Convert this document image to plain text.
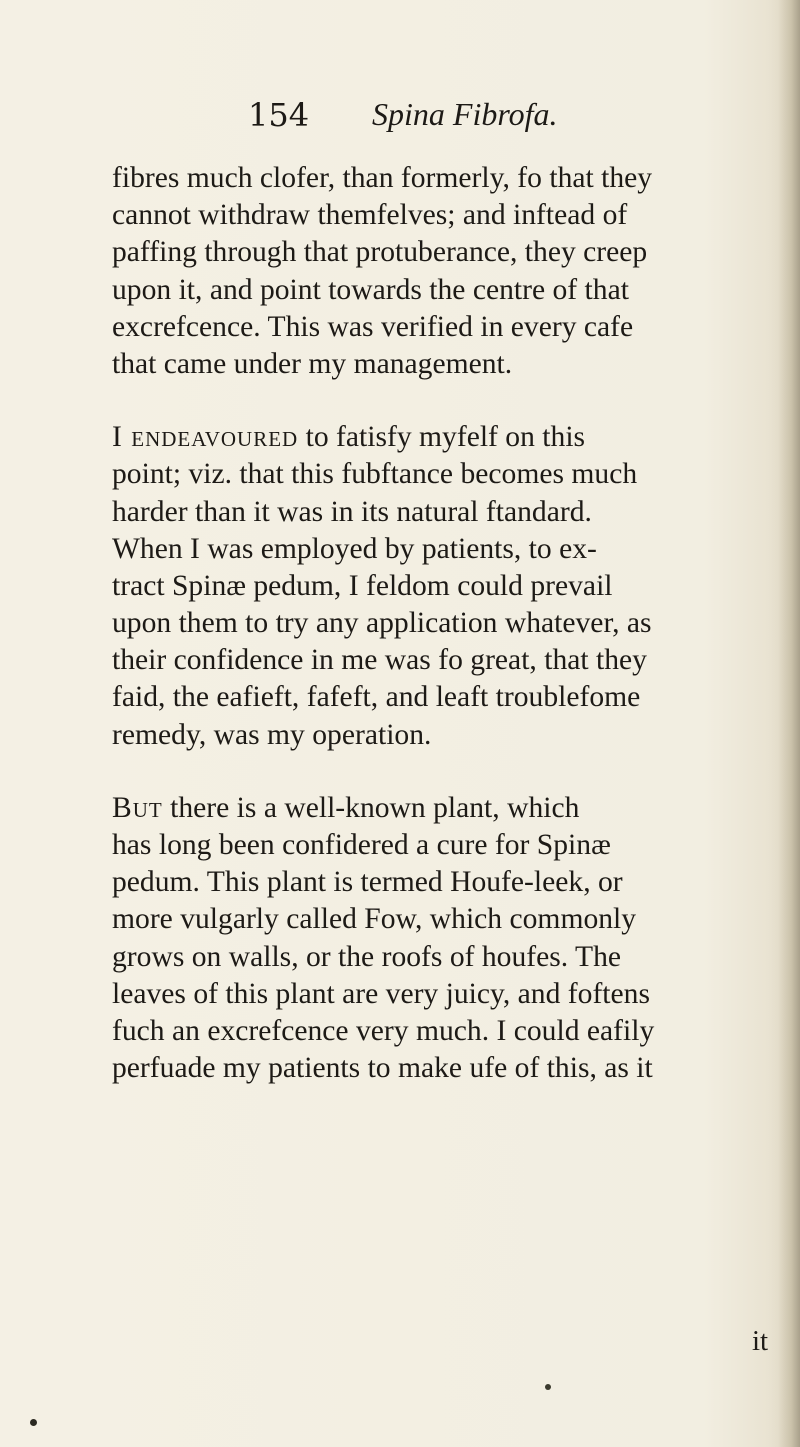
154 Spina Fibrofa.
fibres much clofer, than formerly, fo that they
cannot withdraw themfelves; and inftead of
paffing through that protuberance, they creep
upon it, and point towards the centre of that
excrefcence. This was verified in every cafe
that came under my management.
I endeavoured to fatisfy myfelf on this
point; viz. that this fubftance becomes much
harder than it was in its natural ftandard.
When I was employed by patients, to ex-
tract Spinæ pedum, I feldom could prevail
upon them to try any application whatever, as
their confidence in me was fo great, that they
faid, the eafieft, fafeft, and leaft troublefome
remedy, was my operation.
But there is a well-known plant, which
has long been confidered a cure for Spinæ
pedum. This plant is termed Houfe-leek, or
more vulgarly called Fow, which commonly
grows on walls, or the roofs of houfes. The
leaves of this plant are very juicy, and foftens
fuch an excrefcence very much. I could eafily
perfuade my patients to make ufe of this, as it
it
